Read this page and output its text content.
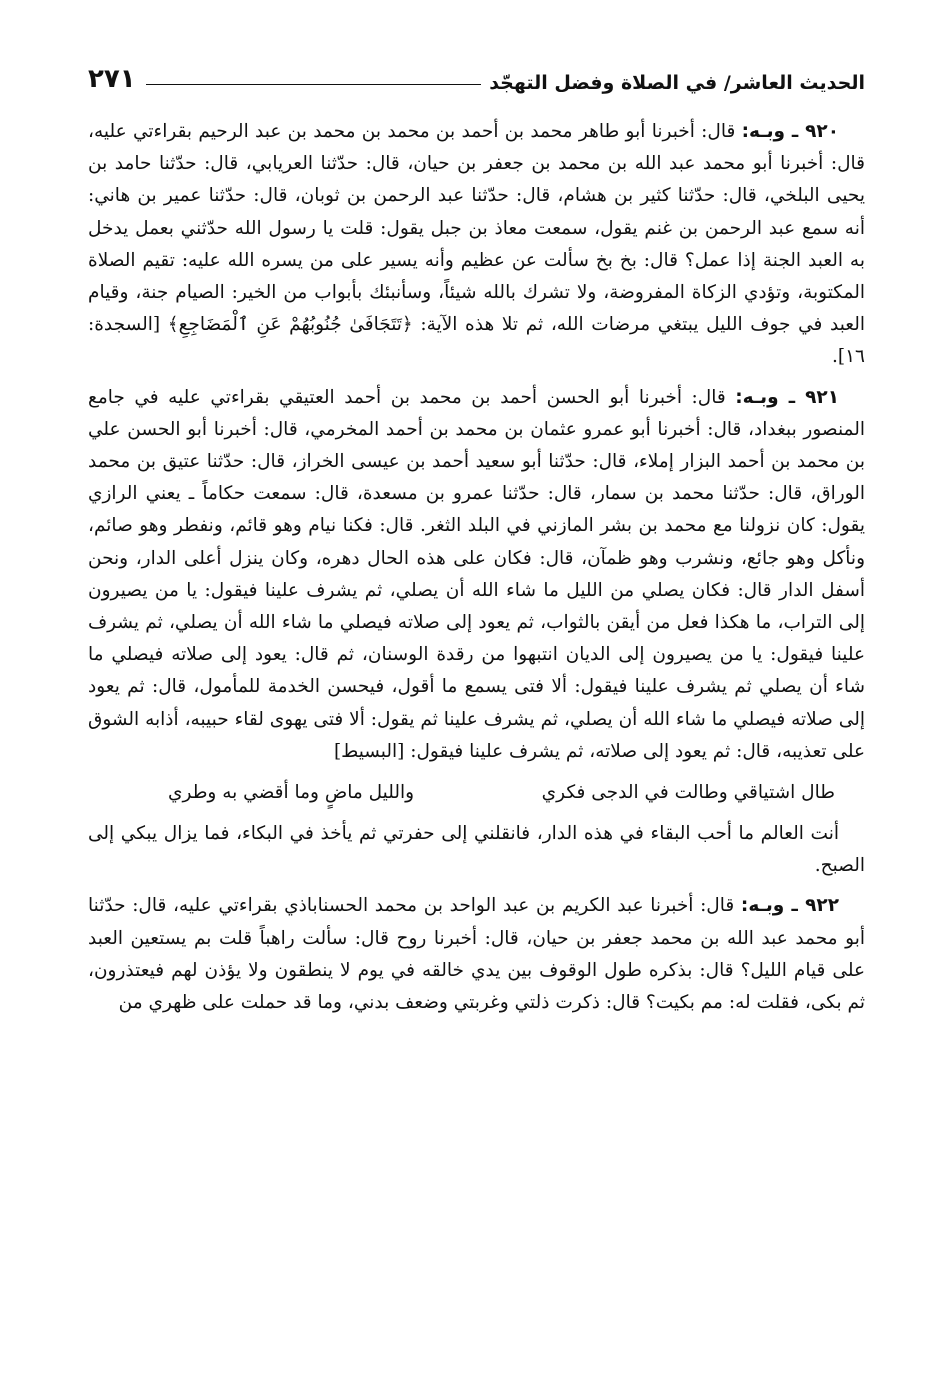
الحديث العاشر/ في الصلاة وفضل التهجّد
٢٧١

٩٢٠ ـ وبـه: قال: أخبرنا أبو طاهر محمد بن أحمد بن محمد بن محمد بن عبد الرحيم بقراءتي عليه، قال: أخبرنا أبو محمد عبد الله بن محمد بن جعفر بن حيان، قال: حدّثنا العريابي، قال: حدّثنا حامد بن يحيى البلخي، قال: حدّثنا كثير بن هشام، قال: حدّثنا عبد الرحمن بن ثوبان، قال: حدّثنا عمير بن هاني: أنه سمع عبد الرحمن بن غنم يقول، سمعت معاذ بن جبل يقول: قلت يا رسول الله حدّثني بعمل يدخل به العبد الجنة إذا عمل؟ قال: بخ بخ سألت عن عظيم وأنه يسير على من يسره الله عليه: تقيم الصلاة المكتوبة، وتؤدي الزكاة المفروضة، ولا تشرك بالله شيئاً، وسأنبئك بأبواب من الخير: الصيام جنة، وقيام العبد في جوف الليل يبتغي مرضات الله، ثم تلا هذه الآية: ﴿تَتَجَافَىٰ جُنُوبُهُمْ عَنِ ٱلْمَضَاجِعِ﴾ [السجدة: ١٦].

٩٢١ ـ وبـه: قال: أخبرنا أبو الحسن أحمد بن محمد بن أحمد العتيقي بقراءتي عليه في جامع المنصور ببغداد، قال: أخبرنا أبو عمرو عثمان بن محمد بن أحمد المخرمي، قال: أخبرنا أبو الحسن علي بن محمد بن أحمد البزار إملاء، قال: حدّثنا أبو سعيد أحمد بن عيسى الخراز، قال: حدّثنا عتيق بن محمد الوراق، قال: حدّثنا محمد بن سمار، قال: حدّثنا عمرو بن مسعدة، قال: سمعت حكاماً ـ يعني الرازي يقول: كان نزولنا مع محمد بن بشر المازني في البلد الثغر. قال: فكنا نيام وهو قائم، ونفطر وهو صائم، ونأكل وهو جائع، ونشرب وهو ظمآن، قال: فكان على هذه الحال دهره، وكان ينزل أعلى الدار، ونحن أسفل الدار قال: فكان يصلي من الليل ما شاء الله أن يصلي، ثم يشرف علينا فيقول: يا من يصيرون إلى التراب، ما هكذا فعل من أيقن بالثواب، ثم يعود إلى صلاته فيصلي ما شاء الله أن يصلي، ثم يشرف علينا فيقول: يا من يصيرون إلى الديان انتبهوا من رقدة الوسنان، ثم قال: يعود إلى صلاته فيصلي ما شاء أن يصلي ثم يشرف علينا فيقول: ألا فتى يسمع ما أقول، فيحسن الخدمة للمأمول، قال: ثم يعود إلى صلاته فيصلي ما شاء الله أن يصلي، ثم يشرف علينا ثم يقول: ألا فتى يهوى لقاء حبيبه، أذابه الشوق على تعذيبه، قال: ثم يعود إلى صلاته، ثم يشرف علينا فيقول: [البسيط]

طال اشتياقي وطالت في الدجى فكري
والليل ماضٍ وما أقضي به وطري

أنت العالم ما أحب البقاء في هذه الدار، فانقلني إلى حفرتي ثم يأخذ في البكاء، فما يزال يبكي إلى الصبح.

٩٢٢ ـ وبـه: قال: أخبرنا عبد الكريم بن عبد الواحد بن محمد الحسناباذي بقراءتي عليه، قال: حدّثنا أبو محمد عبد الله بن محمد جعفر بن حيان، قال: أخبرنا روح قال: سألت راهباً قلت بم يستعين العبد على قيام الليل؟ قال: بذكره طول الوقوف بين يدي خالقه في يوم لا ينطقون ولا يؤذن لهم فيعتذرون، ثم بكى، فقلت له: مم بكيت؟ قال: ذكرت ذلتي وغربتي وضعف بدني، وما قد حملت على ظهري من
